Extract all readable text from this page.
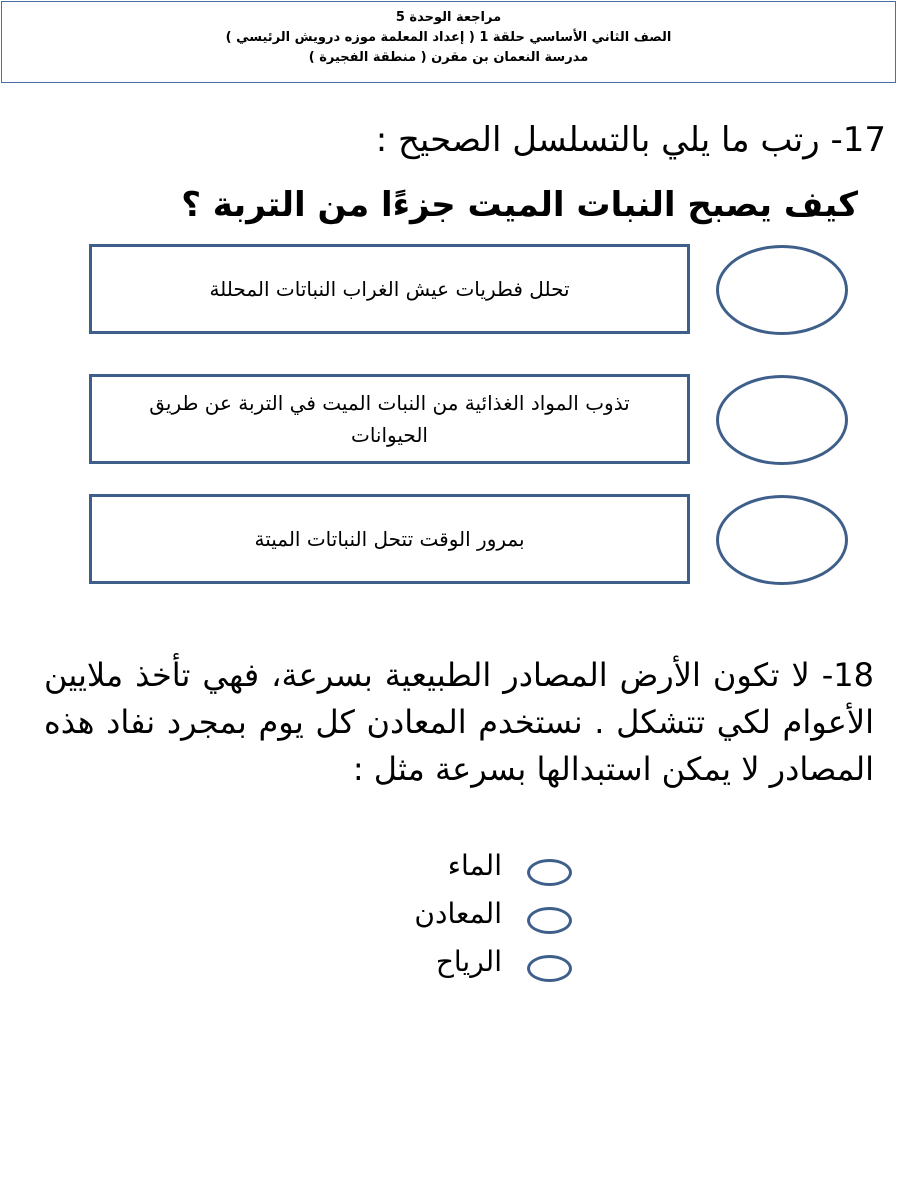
مراجعة الوحدة 5
الصف الثاني الأساسي حلقة 1 ( إعداد المعلمة موزه درويش الرئيسي )
مدرسة النعمان بن مقرن ( منطقة الفجيرة )
17- رتب ما يلي بالتسلسل الصحيح :
كيف يصبح النبات الميت جزءًا من التربة ؟
تحلل فطريات عيش الغراب النباتات المحللة
تذوب المواد الغذائية من النبات الميت في التربة عن طريق الحيوانات
بمرور الوقت تتحل النباتات الميتة
18- لا تكون الأرض المصادر الطبيعية بسرعة، فهي تأخذ ملايين الأعوام لكي تتشكل . نستخدم المعادن كل يوم بمجرد نفاد هذه المصادر لا يمكن استبدالها بسرعة مثل :
الماء
المعادن
الرياح
